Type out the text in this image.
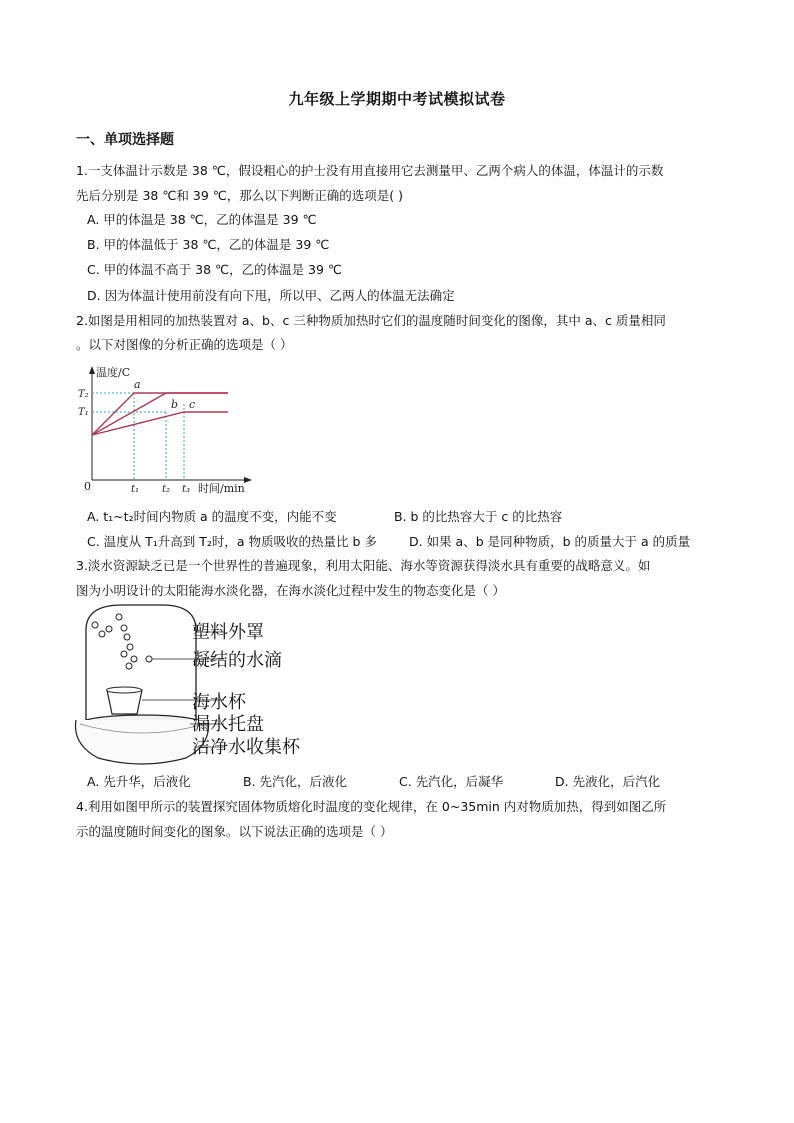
九年级上学期期中考试模拟试卷
一、单项选择题
1.一支体温计示数是 38 ℃，假设粗心的护士没有用直接用它去测量甲、乙两个病人的体温，体温计的示数
先后分别是 38 ℃和 39 ℃，那么以下判断正确的选项是( )
A. 甲的体温是 38 ℃，乙的体温是 39 ℃
B. 甲的体温低于 38 ℃，乙的体温是 39 ℃
C. 甲的体温不高于 38 ℃，乙的体温是 39 ℃
D. 因为体温计使用前没有向下甩，所以甲、乙两人的体温无法确定
2.如图是用相同的加热装置对 a、b、c 三种物质加热时它们的温度随时间变化的图像，其中 a、c 质量相同
。以下对图像的分析正确的选项是（ ）
温度/C
T₂
T₁
a
b c
0	t₁ t₂ t₃ 时间/min
A. t₁~t₂时间内物质 a 的温度不变，内能不变	B. b 的比热容大于 c 的比热容
C. 温度从 T₁升高到 T₂时，a 物质吸收的热量比 b 多	D. 如果 a、b 是同种物质，b 的质量大于 a 的质量
3.淡水资源缺乏已是一个世界性的普遍现象，利用太阳能、海水等资源获得淡水具有重要的战略意义。如
图为小明设计的太阳能海水淡化器，在海水淡化过程中发生的物态变化是（ ）
塑料外罩
凝结的水滴
海水杯
漏水托盘
洁净水收集杯
A. 先升华，后液化	B. 先汽化，后液化	C. 先汽化，后凝华	D. 先液化，后汽化
4.利用如图甲所示的装置探究固体物质熔化时温度的变化规律，在 0~35min 内对物质加热，得到如图乙所
示的温度随时间变化的图象。以下说法正确的选项是（ ）
